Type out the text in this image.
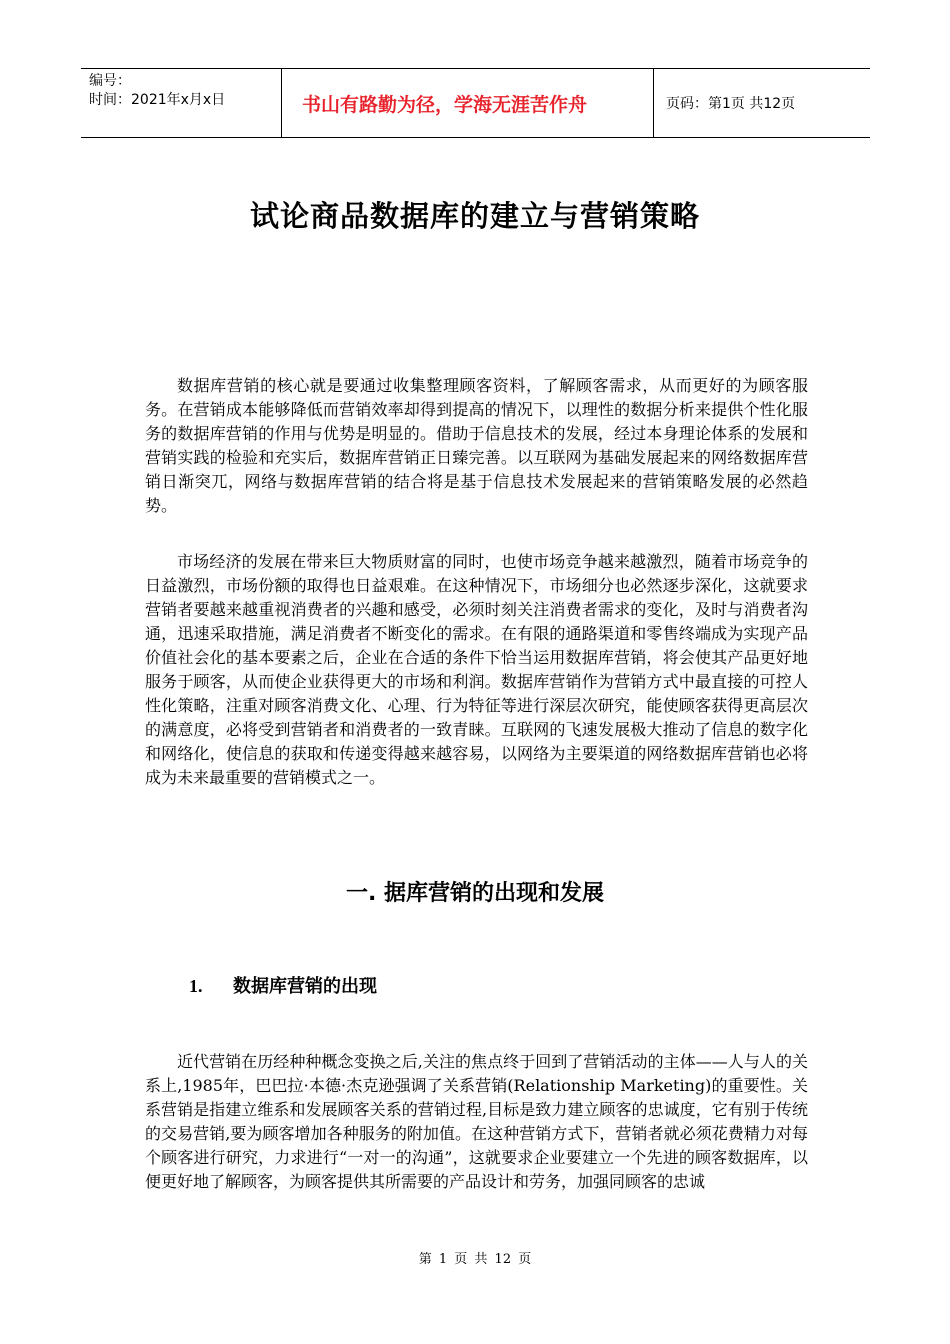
编号：
时间：2021年x月x日	书山有路勤为径，学海无涯苦作舟	页码：第1页 共12页
试论商品数据库的建立与营销策略

数据库营销的核心就是要通过收集整理顾客资料，了解顾客需求，从而更好的为顾客服务。在营销成本能够降低而营销效率却得到提高的情况下，以理性的数据分析来提供个性化服务的数据库营销的作用与优势是明显的。借助于信息技术的发展，经过本身理论体系的发展和营销实践的检验和充实后，数据库营销正日臻完善。以互联网为基础发展起来的网络数据库营销日渐突兀，网络与数据库营销的结合将是基于信息技术发展起来的营销策略发展的必然趋势。

市场经济的发展在带来巨大物质财富的同时，也使市场竞争越来越激烈，随着市场竞争的日益激烈，市场份额的取得也日益艰难。在这种情况下，市场细分也必然逐步深化，这就要求营销者要越来越重视消费者的兴趣和感受，必须时刻关注消费者需求的变化，及时与消费者沟通，迅速采取措施，满足消费者不断变化的需求。在有限的通路渠道和零售终端成为实现产品价值社会化的基本要素之后，企业在合适的条件下恰当运用数据库营销，将会使其产品更好地服务于顾客，从而使企业获得更大的市场和利润。数据库营销作为营销方式中最直接的可控人性化策略，注重对顾客消费文化、心理、行为特征等进行深层次研究，能使顾客获得更高层次的满意度，必将受到营销者和消费者的一致青睐。互联网的飞速发展极大推动了信息的数字化和网络化，使信息的获取和传递变得越来越容易，以网络为主要渠道的网络数据库营销也必将成为未来最重要的营销模式之一。

一. 据库营销的出现和发展
1. 数据库营销的出现

近代营销在历经种种概念变换之后,关注的焦点终于回到了营销活动的主体——人与人的关系上,1985年，巴巴拉·本德·杰克逊强调了关系营销(Relationship Marketing)的重要性。关系营销是指建立维系和发展顾客关系的营销过程,目标是致力建立顾客的忠诚度，它有别于传统的交易营销,要为顾客增加各种服务的附加值。在这种营销方式下，营销者就必须花费精力对每个顾客进行研究，力求进行“一对一的沟通”，这就要求企业要建立一个先进的顾客数据库，以便更好地了解顾客，为顾客提供其所需要的产品设计和劳务，加强同顾客的忠诚

第 1 页 共 12 页
